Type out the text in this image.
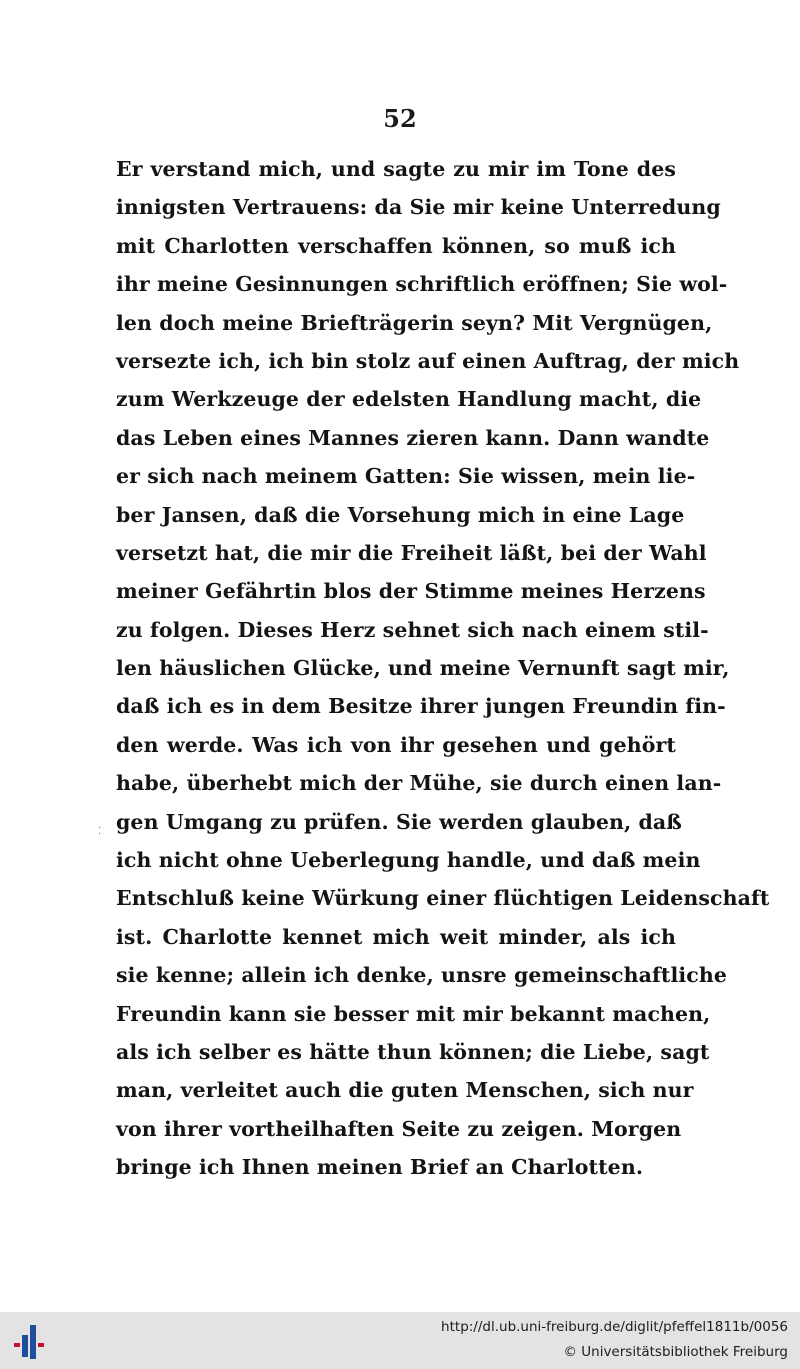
52
Er verstand mich, und sagte zu mir im Tone des
innigsten Vertrauens: da Sie mir keine Unterredung
mit Charlotten verschaffen können, so muß ich
ihr meine Gesinnungen schriftlich eröffnen; Sie wol-
len doch meine Briefträgerin seyn? Mit Vergnügen,
versezte ich, ich bin stolz auf einen Auftrag, der mich
zum Werkzeuge der edelsten Handlung macht, die
das Leben eines Mannes zieren kann. Dann wandte
er sich nach meinem Gatten: Sie wissen, mein lie-
ber Jansen, daß die Vorsehung mich in eine Lage
versetzt hat, die mir die Freiheit läßt, bei der Wahl
meiner Gefährtin blos der Stimme meines Herzens
zu folgen. Dieses Herz sehnet sich nach einem stil-
len häuslichen Glücke, und meine Vernunft sagt mir,
daß ich es in dem Besitze ihrer jungen Freundin fin-
den werde. Was ich von ihr gesehen und gehört
habe, überhebt mich der Mühe, sie durch einen lan-
gen Umgang zu prüfen. Sie werden glauben, daß
ich nicht ohne Ueberlegung handle, und daß mein
Entschluß keine Würkung einer flüchtigen Leidenschaft
ist. Charlotte kennet mich weit minder, als ich
sie kenne; allein ich denke, unsre gemeinschaftliche
Freundin kann sie besser mit mir bekannt machen,
als ich selber es hätte thun können; die Liebe, sagt
man, verleitet auch die guten Menschen, sich nur
von ihrer vortheilhaften Seite zu zeigen. Morgen
bringe ich Ihnen meinen Brief an Charlotten.
⁚
http://dl.ub.uni-freiburg.de/diglit/pfeffel1811b/0056
© Universitätsbibliothek Freiburg
